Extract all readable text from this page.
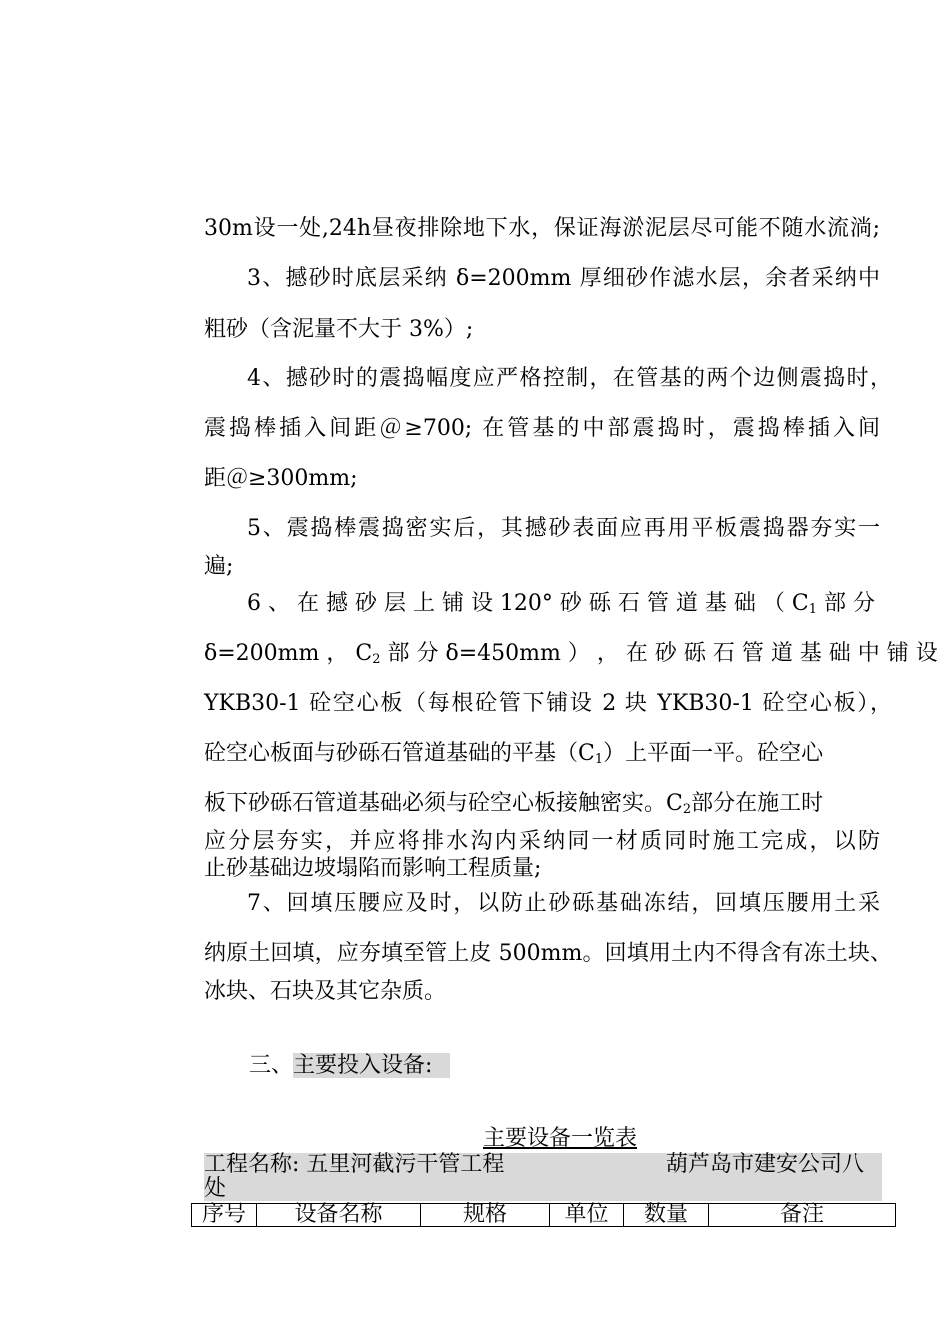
30m设一处,24h昼夜排除地下水，保证海淤泥层尽可能不随水流淌;
3、撼砂时底层采纳 δ=200mm 厚细砂作滤水层，余者采纳中
粗砂（含泥量不大于 3%）;
4、撼砂时的震捣幅度应严格控制，在管基的两个边侧震捣时，
震捣棒插入间距＠≥700; 在管基的中部震捣时，震捣棒插入间
距＠≥300mm;
5、震捣棒震捣密实后，其撼砂表面应再用平板震捣器夯实一
遍;
6 、 在 撼 砂 层 上 铺 设 120° 砂 砾 石 管 道 基 础 （ $C_1$ 部 分
δ=200mm ， $C_2$ 部 分 δ=450mm ） ， 在 砂 砾 石 管 道 基 础 中 铺 设
YKB30-1 砼空心板（每根砼管下铺设 2 块 YKB30-1 砼空心板），
砼空心板面与砂砾石管道基础的平基$(C_1)$上平面一平。砼空心
板下砂砾石管道基础必须与砼空心板接触密实。$C_2$部分在施工时
应分层夯实，并应将排水沟内采纳同一材质同时施工完成，以防
止砂基础边坡塌陷而影响工程质量;
7、回填压腰应及时，以防止砂砾基础冻结，回填压腰用土采
纳原土回填，应夯填至管上皮 500mm。回填用土内不得含有冻土块、
冰块、石块及其它杂质。
三、主要投入设备:
主要设备一览表
工程名称: 五里河截污干管工程	葫芦岛市建安公司八
处
序号	设备名称	规格	单位	数量	备注
